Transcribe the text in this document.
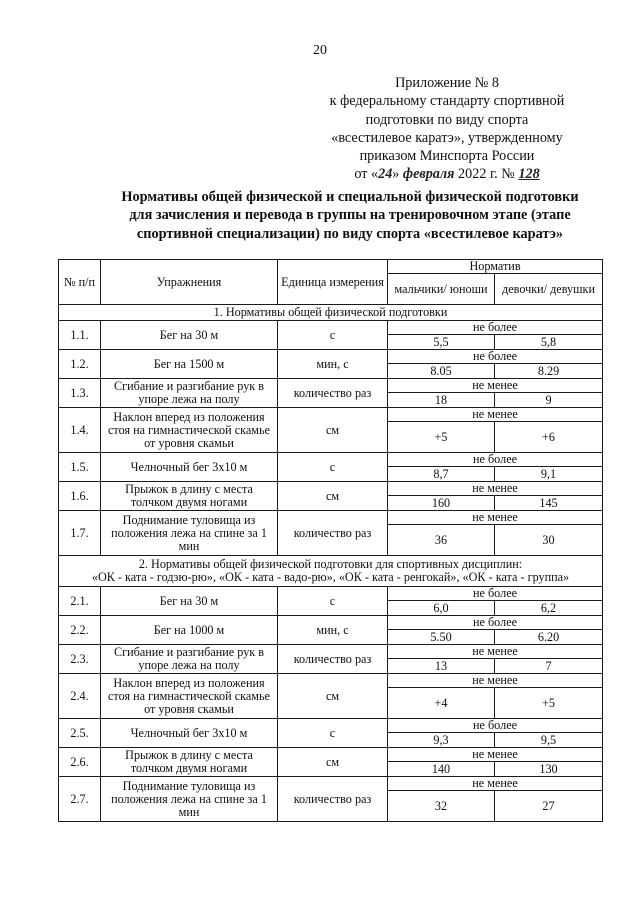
20
Приложение № 8
к федеральному стандарту спортивной
подготовки по виду спорта
«всестилевое каратэ», утвержденному
приказом Минспорта России
от «24» февраля 2022 г. № 128
Нормативы общей физической и специальной физической подготовки
для зачисления и перевода в группы на тренировочном этапе (этапе
спортивной специализации) по виду спорта «всестилевое каратэ»
№ п/п	Упражнения	Единица измерения	Норматив	
			мальчики/ юноши	девочки/ девушки
1. Нормативы общей физической подготовки				
1.1.	Бег на 30 м	с	не более	
			5,5	5,8
1.2.	Бег на 1500 м	мин, с	не более	
			8.05	8.29
1.3.	Сгибание и разгибание рук в упоре лежа на полу	количество раз	не менее	
			18	9
1.4.	Наклон вперед из положения стоя на гимнастической скамье от уровня скамьи	см	не менее	
			+5	+6
1.5.	Челночный бег 3х10 м	с	не более	
			8,7	9,1
1.6.	Прыжок в длину с места толчком двумя ногами	см	не менее	
			160	145
1.7.	Поднимание туловища из положения лежа на спине за 1 мин	количество раз	не менее	
			36	30

2. Нормативы общей физической подготовки для спортивных дисциплин:
«ОК - ката - годзю-рю», «ОК - ката - вадо-рю», «ОК - ката - ренгокай», «ОК - ката - группа»				

2.1.	Бег на 30 м	с	не более	
			6,0	6,2
2.2.	Бег на 1000 м	мин, с	не более	
			5.50	6.20
2.3.	Сгибание и разгибание рук в упоре лежа на полу	количество раз	не менее	
			13	7
2.4.	Наклон вперед из положения стоя на гимнастической скамье от уровня скамьи	см	не менее	
			+4	+5
2.5.	Челночный бег 3х10 м	с	не более	
			9,3	9,5
2.6.	Прыжок в длину с места толчком двумя ногами	см	не менее	
			140	130
2.7.	Поднимание туловища из положения лежа на спине за 1 мин	количество раз	не менее	
			32	27
